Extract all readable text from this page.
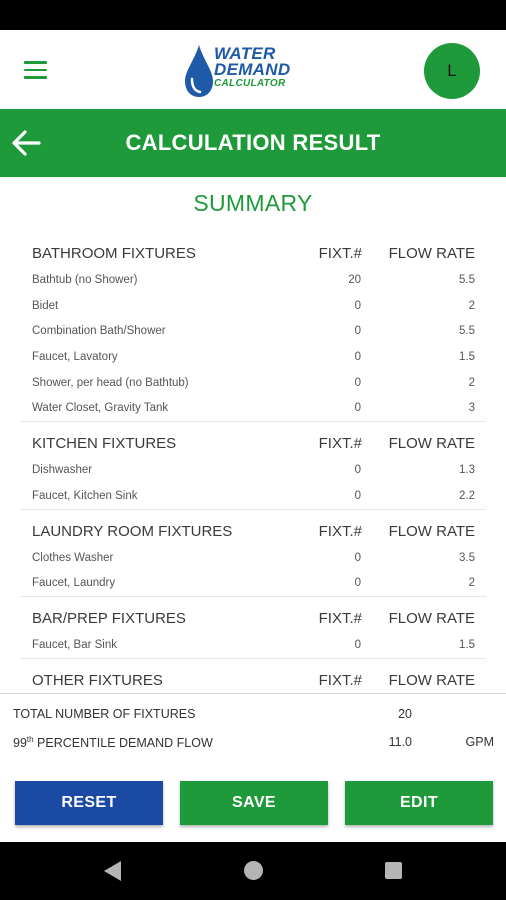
WATER
DEMAND
CALCULATOR
L
CALCULATION RESULT
SUMMARY
BATHROOM FIXTURES	FIXT.# FLOW RATE
Bathtub (no Shower)	20	5.5
Bidet	0	2
Combination Bath/Shower	0	5.5
Faucet, Lavatory	0	1.5
Shower, per head (no Bathtub)	0	2
Water Closet, Gravity Tank	0	3
KITCHEN FIXTURES	FIXT.# FLOW RATE
Dishwasher	0	1.3
Faucet, Kitchen Sink	0	2.2
LAUNDRY ROOM FIXTURES	FIXT.# FLOW RATE
Clothes Washer	0	3.5
Faucet, Laundry	0	2
BAR/PREP FIXTURES	FIXT.# FLOW RATE
Faucet, Bar Sink	0	1.5
OTHER FIXTURES	FIXT.# FLOW RATE
TOTAL NUMBER OF FIXTURES	20
99th PERCENTILE DEMAND FLOW	11.0	GPM
RESET	SAVE	EDIT
